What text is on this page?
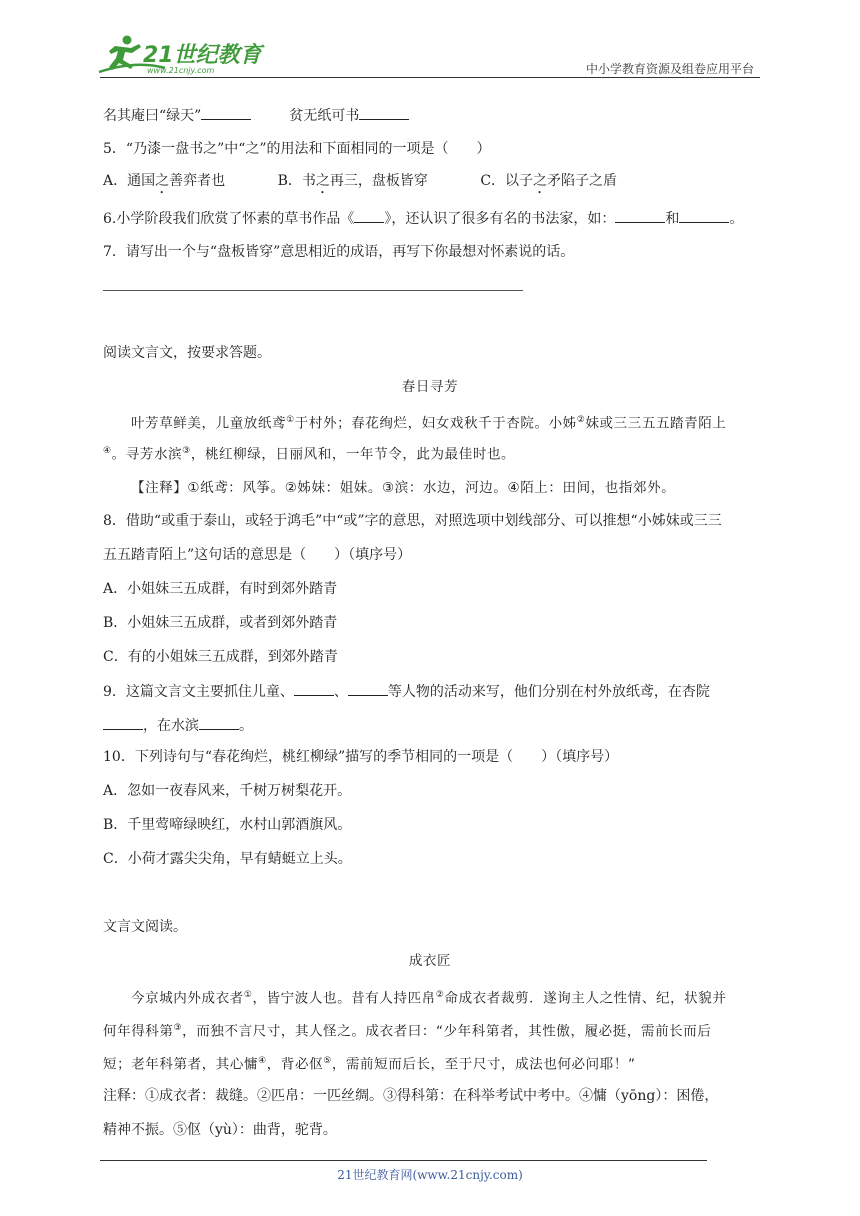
21世纪教育
www.21cnjy.com	中小学教育资源及组卷应用平台
名其庵曰“绿天”	贫无纸可书
5．“乃漆一盘书之”中“之”的用法和下面相同的一项是（　　）
A．通国之善弈者也	B．书之再三，盘板皆穿	C．以子之矛陷子之盾
6.小学阶段我们欣赏了怀素的草书作品《 》，还认识了很多有名的书法家，如：	和	。
7．请写出一个与“盘板皆穿”意思相近的成语，再写下你最想对怀素说的话。
阅读文言文，按要求答题。
春日寻芳
叶芳草鲜美，儿童放纸鸢①于村外；春花绚烂，妇女戏秋千于杏院。小姊②妹或三三五五踏青陌上
④。寻芳水滨③，桃红柳绿，日丽风和，一年节令，此为最佳时也。
【注释】①纸鸢：风筝。②姊妹：姐妹。③滨：水边，河边。④陌上：田间，也指郊外。
8．借助“或重于泰山，或轻于鸿毛”中“或”字的意思，对照选项中划线部分、可以推想“小姊妹或三三
五五踏青陌上”这句话的意思是（　　）（填序号）
A．小姐妹三五成群，有时到郊外踏青
B．小姐妹三五成群，或者到郊外踏青
C．有的小姐妹三五成群，到郊外踏青
9．这篇文言文主要抓住儿童、	、	等人物的活动来写，他们分别在村外放纸鸢，在杏院
，在水滨	。
10．下列诗句与“春花绚烂，桃红柳绿”描写的季节相同的一项是（　　）（填序号）
A．忽如一夜春风来，千树万树梨花开。
B．千里莺啼绿映红，水村山郭酒旗风。
C．小荷才露尖尖角，早有蜻蜓立上头。
文言文阅读。
成衣匠
今京城内外成衣者①，皆宁波人也。昔有人持匹帛②命成衣者裁剪．遂询主人之性情、纪，状貌并
何年得科第③，而独不言尺寸，其人怪之。成衣者曰：“少年科第者，其性傲，履必挺，需前长而后
短；老年科第者，其心慵④，背必伛⑤，需前短而后长，至于尺寸，成法也何必问耶！”
注释：①成衣者：裁缝。②匹帛：一匹丝绸。③得科第：在科举考试中考中。④慵（yōng）：困倦，
精神不振。⑤伛（yù）：曲背，驼背。
21世纪教育网(www.21cnjy.com)
